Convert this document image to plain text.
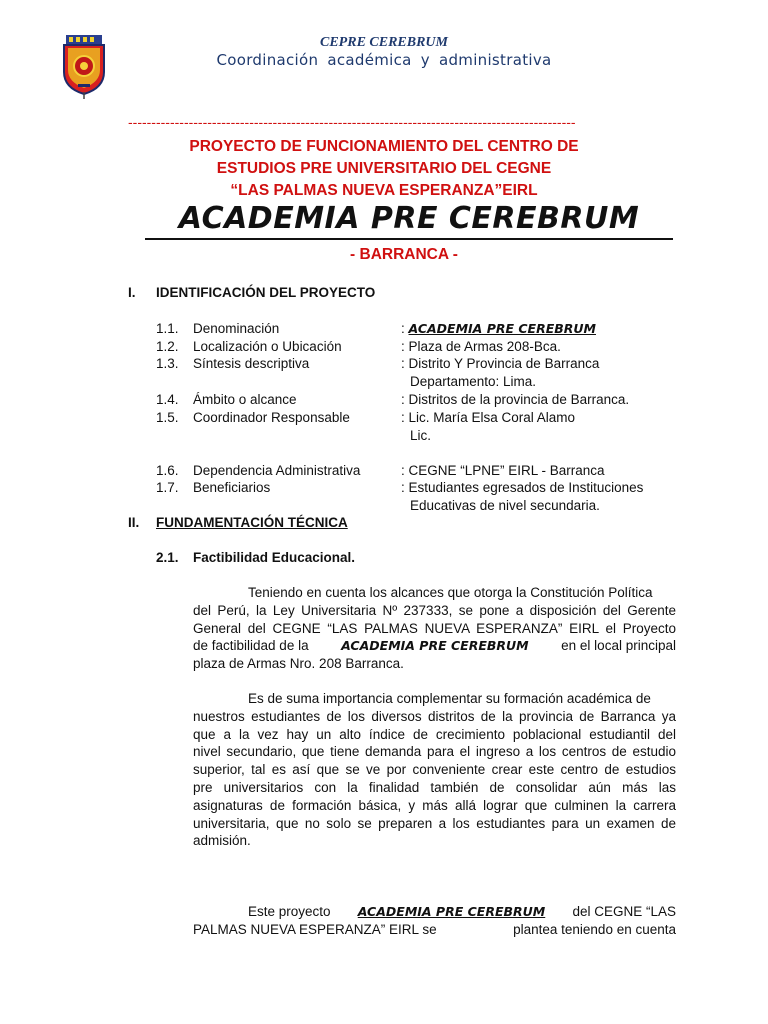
CEPRE CEREBRUM
Coordinación académica y administrativa
------------------------------------------------------------------------------------------------
PROYECTO DE FUNCIONAMIENTO DEL CENTRO DE
ESTUDIOS PRE UNIVERSITARIO DEL CEGNE
“LAS PALMAS NUEVA ESPERANZA”EIRL
ACADEMIA PRE CEREBRUM
- BARRANCA -
I. IDENTIFICACIÓN DEL PROYECTO
1.1. Denominación	: ACADEMIA PRE CEREBRUM
1.2. Localización o Ubicación	: Plaza de Armas 208-Bca.
1.3. Síntesis descriptiva	: Distrito Y Provincia de Barranca
Departamento: Lima.
1.4. Ámbito o alcance	: Distritos de la provincia de Barranca.
1.5. Coordinador Responsable	: Lic. María Elsa Coral Alamo
Lic.
1.6. Dependencia Administrativa	: CEGNE “LPNE” EIRL - Barranca
1.7. Beneficiarios	: Estudiantes egresados de Instituciones
Educativas de nivel secundaria.
II. FUNDAMENTACIÓN TÉCNICA
2.1. Factibilidad Educacional.
Teniendo en cuenta los alcances que otorga la Constitución Política
del Perú, la Ley Universitaria Nº 237333, se pone a disposición del Gerente
General del CEGNE “LAS PALMAS NUEVA ESPERANZA” EIRL el Proyecto
de factibilidad de la	ACADEMIA PRE CEREBRUM en el local principal
plaza de Armas Nro. 208 Barranca.
Es de suma importancia complementar su formación académica de
nuestros estudiantes de los diversos distritos de la provincia de Barranca ya
que a la vez hay un alto índice de crecimiento poblacional estudiantil del
nivel secundario, que tiene demanda para el ingreso a los centros de estudio
superior, tal es así que se ve por conveniente crear este centro de estudios
pre universitarios con la finalidad también de consolidar aún más las
asignaturas de formación básica, y más allá lograr que culminen la carrera
universitaria, que no solo se preparen a los estudiantes para un examen de
admisión.
Este proyecto ACADEMIA PRE CEREBRUM del CEGNE “LAS
PALMAS NUEVA ESPERANZA” EIRL se	plantea teniendo en cuenta
